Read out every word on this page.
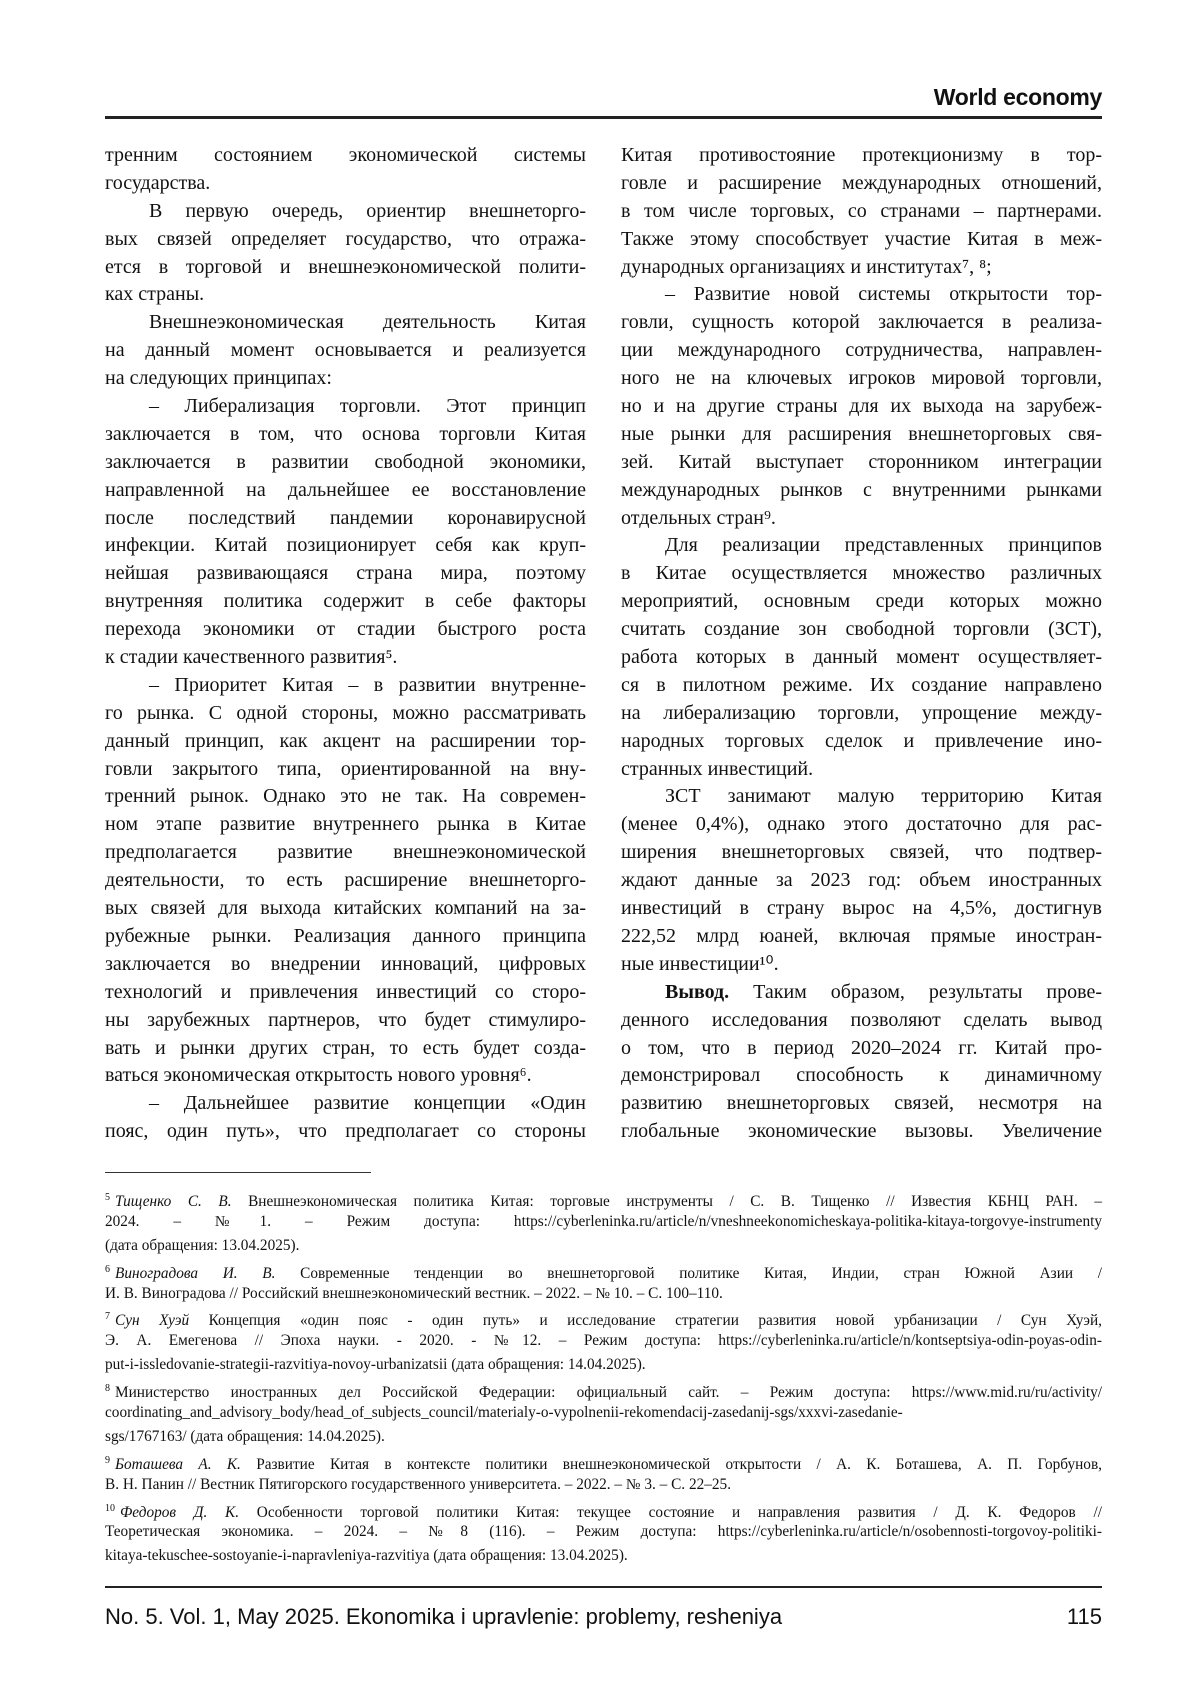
World economy
тренним состоянием экономической системы
государства.
В первую очередь, ориентир внешнеторго-
вых связей определяет государство, что отража-
ется в торговой и внешнеэкономической полити-
ках страны.
Внешнеэкономическая деятельность Китая
на данный момент основывается и реализуется
на следующих принципах:
– Либерализация торговли. Этот принцип
заключается в том, что основа торговли Китая
заключается в развитии свободной экономики,
направленной на дальнейшее ее восстановление
после последствий пандемии коронавирусной
инфекции. Китай позиционирует себя как круп-
нейшая развивающаяся страна мира, поэтому
внутренняя политика содержит в себе факторы
перехода экономики от стадии быстрого роста
к стадии качественного развития⁵.
– Приоритет Китая – в развитии внутренне-
го рынка. С одной стороны, можно рассматривать
данный принцип, как акцент на расширении тор-
говли закрытого типа, ориентированной на вну-
тренний рынок. Однако это не так. На современ-
ном этапе развитие внутреннего рынка в Китае
предполагается развитие внешнеэкономической
деятельности, то есть расширение внешнеторго-
вых связей для выхода китайских компаний на за-
рубежные рынки. Реализация данного принципа
заключается во внедрении инноваций, цифровых
технологий и привлечения инвестиций со сторо-
ны зарубежных партнеров, что будет стимулиро-
вать и рынки других стран, то есть будет созда-
ваться экономическая открытость нового уровня⁶.
– Дальнейшее развитие концепции «Один
пояс, один путь», что предполагает со стороны
Китая противостояние протекционизму в тор-
говле и расширение международных отношений,
в том числе торговых, со странами – партнерами.
Также этому способствует участие Китая в меж-
дународных организациях и институтах⁷, ⁸;
– Развитие новой системы открытости тор-
говли, сущность которой заключается в реализа-
ции международного сотрудничества, направлен-
ного не на ключевых игроков мировой торговли,
но и на другие страны для их выхода на зарубеж-
ные рынки для расширения внешнеторговых свя-
зей. Китай выступает сторонником интеграции
международных рынков с внутренними рынками
отдельных стран⁹.
Для реализации представленных принципов
в Китае осуществляется множество различных
мероприятий, основным среди которых можно
считать создание зон свободной торговли (ЗСТ),
работа которых в данный момент осуществляет-
ся в пилотном режиме. Их создание направлено
на либерализацию торговли, упрощение между-
народных торговых сделок и привлечение ино-
странных инвестиций.
ЗСТ занимают малую территорию Китая
(менее 0,4%), однако этого достаточно для рас-
ширения внешнеторговых связей, что подтвер-
ждают данные за 2023 год: объем иностранных
инвестиций в страну вырос на 4,5%, достигнув
222,52 млрд юаней, включая прямые иностран-
ные инвестиции¹⁰.
Вывод. Таким образом, результаты прове-
денного исследования позволяют сделать вывод
о том, что в период 2020–2024 гг. Китай про-
демонстрировал способность к динамичному
развитию внешнеторговых связей, несмотря на
глобальные экономические вызовы. Увеличение
5 Тищенко С. В. Внешнеэкономическая политика Китая: торговые инструменты / С. В. Тищенко // Известия КБНЦ РАН. –
2024. – №1. – Режим доступа: https://cyberleninka.ru/article/n/vneshneekonomicheskaya-politika-kitaya-torgovye-instrumenty
(дата обращения: 13.04.2025).
6 Виноградова И. В. Современные тенденции во внешнеторговой политике Китая, Индии, стран Южной Азии /
И. В. Виноградова // Российский внешнеэкономический вестник. – 2022. – № 10. – С. 100–110.
7 Сун Хуэй Концепция «один пояс - один путь» и исследование стратегии развития новой урбанизации / Сун Хуэй,
Э. А. Емегенова // Эпоха науки. - 2020. - №12. – Режим доступа: https://cyberleninka.ru/article/n/kontseptsiya-odin-poyas-odin-
put-i-issledovanie-strategii-razvitiya-novoy-urbanizatsii (дата обращения: 14.04.2025).
8 Министерство иностранных дел Российской Федерации: официальный сайт. – Режим доступа: https://www.mid.ru/ru/activity/
coordinating_and_advisory_body/head_of_subjects_council/materialy-o-vypolnenii-rekomendacij-zasedanij-sgs/xxxvi-zasedanie-
sgs/1767163/ (дата обращения: 14.04.2025).
9 Боташева А. К. Развитие Китая в контексте политики внешнеэкономической открытости / А. К. Боташева, А. П. Горбунов,
В. Н. Панин // Вестник Пятигорского государственного университета. – 2022. – № 3. – С. 22–25.
10 Федоров Д. К. Особенности торговой политики Китая: текущее состояние и направления развития / Д. К. Федоров //
Теоретическая экономика. – 2024. – №8 (116). – Режим доступа: https://cyberleninka.ru/article/n/osobennosti-torgovoy-politiki-
kitaya-tekuschee-sostoyanie-i-napravleniya-razvitiya (дата обращения: 13.04.2025).
No. 5. Vol. 1, May 2025. Ekonomika i upravlenie: problemy, resheniya	115
